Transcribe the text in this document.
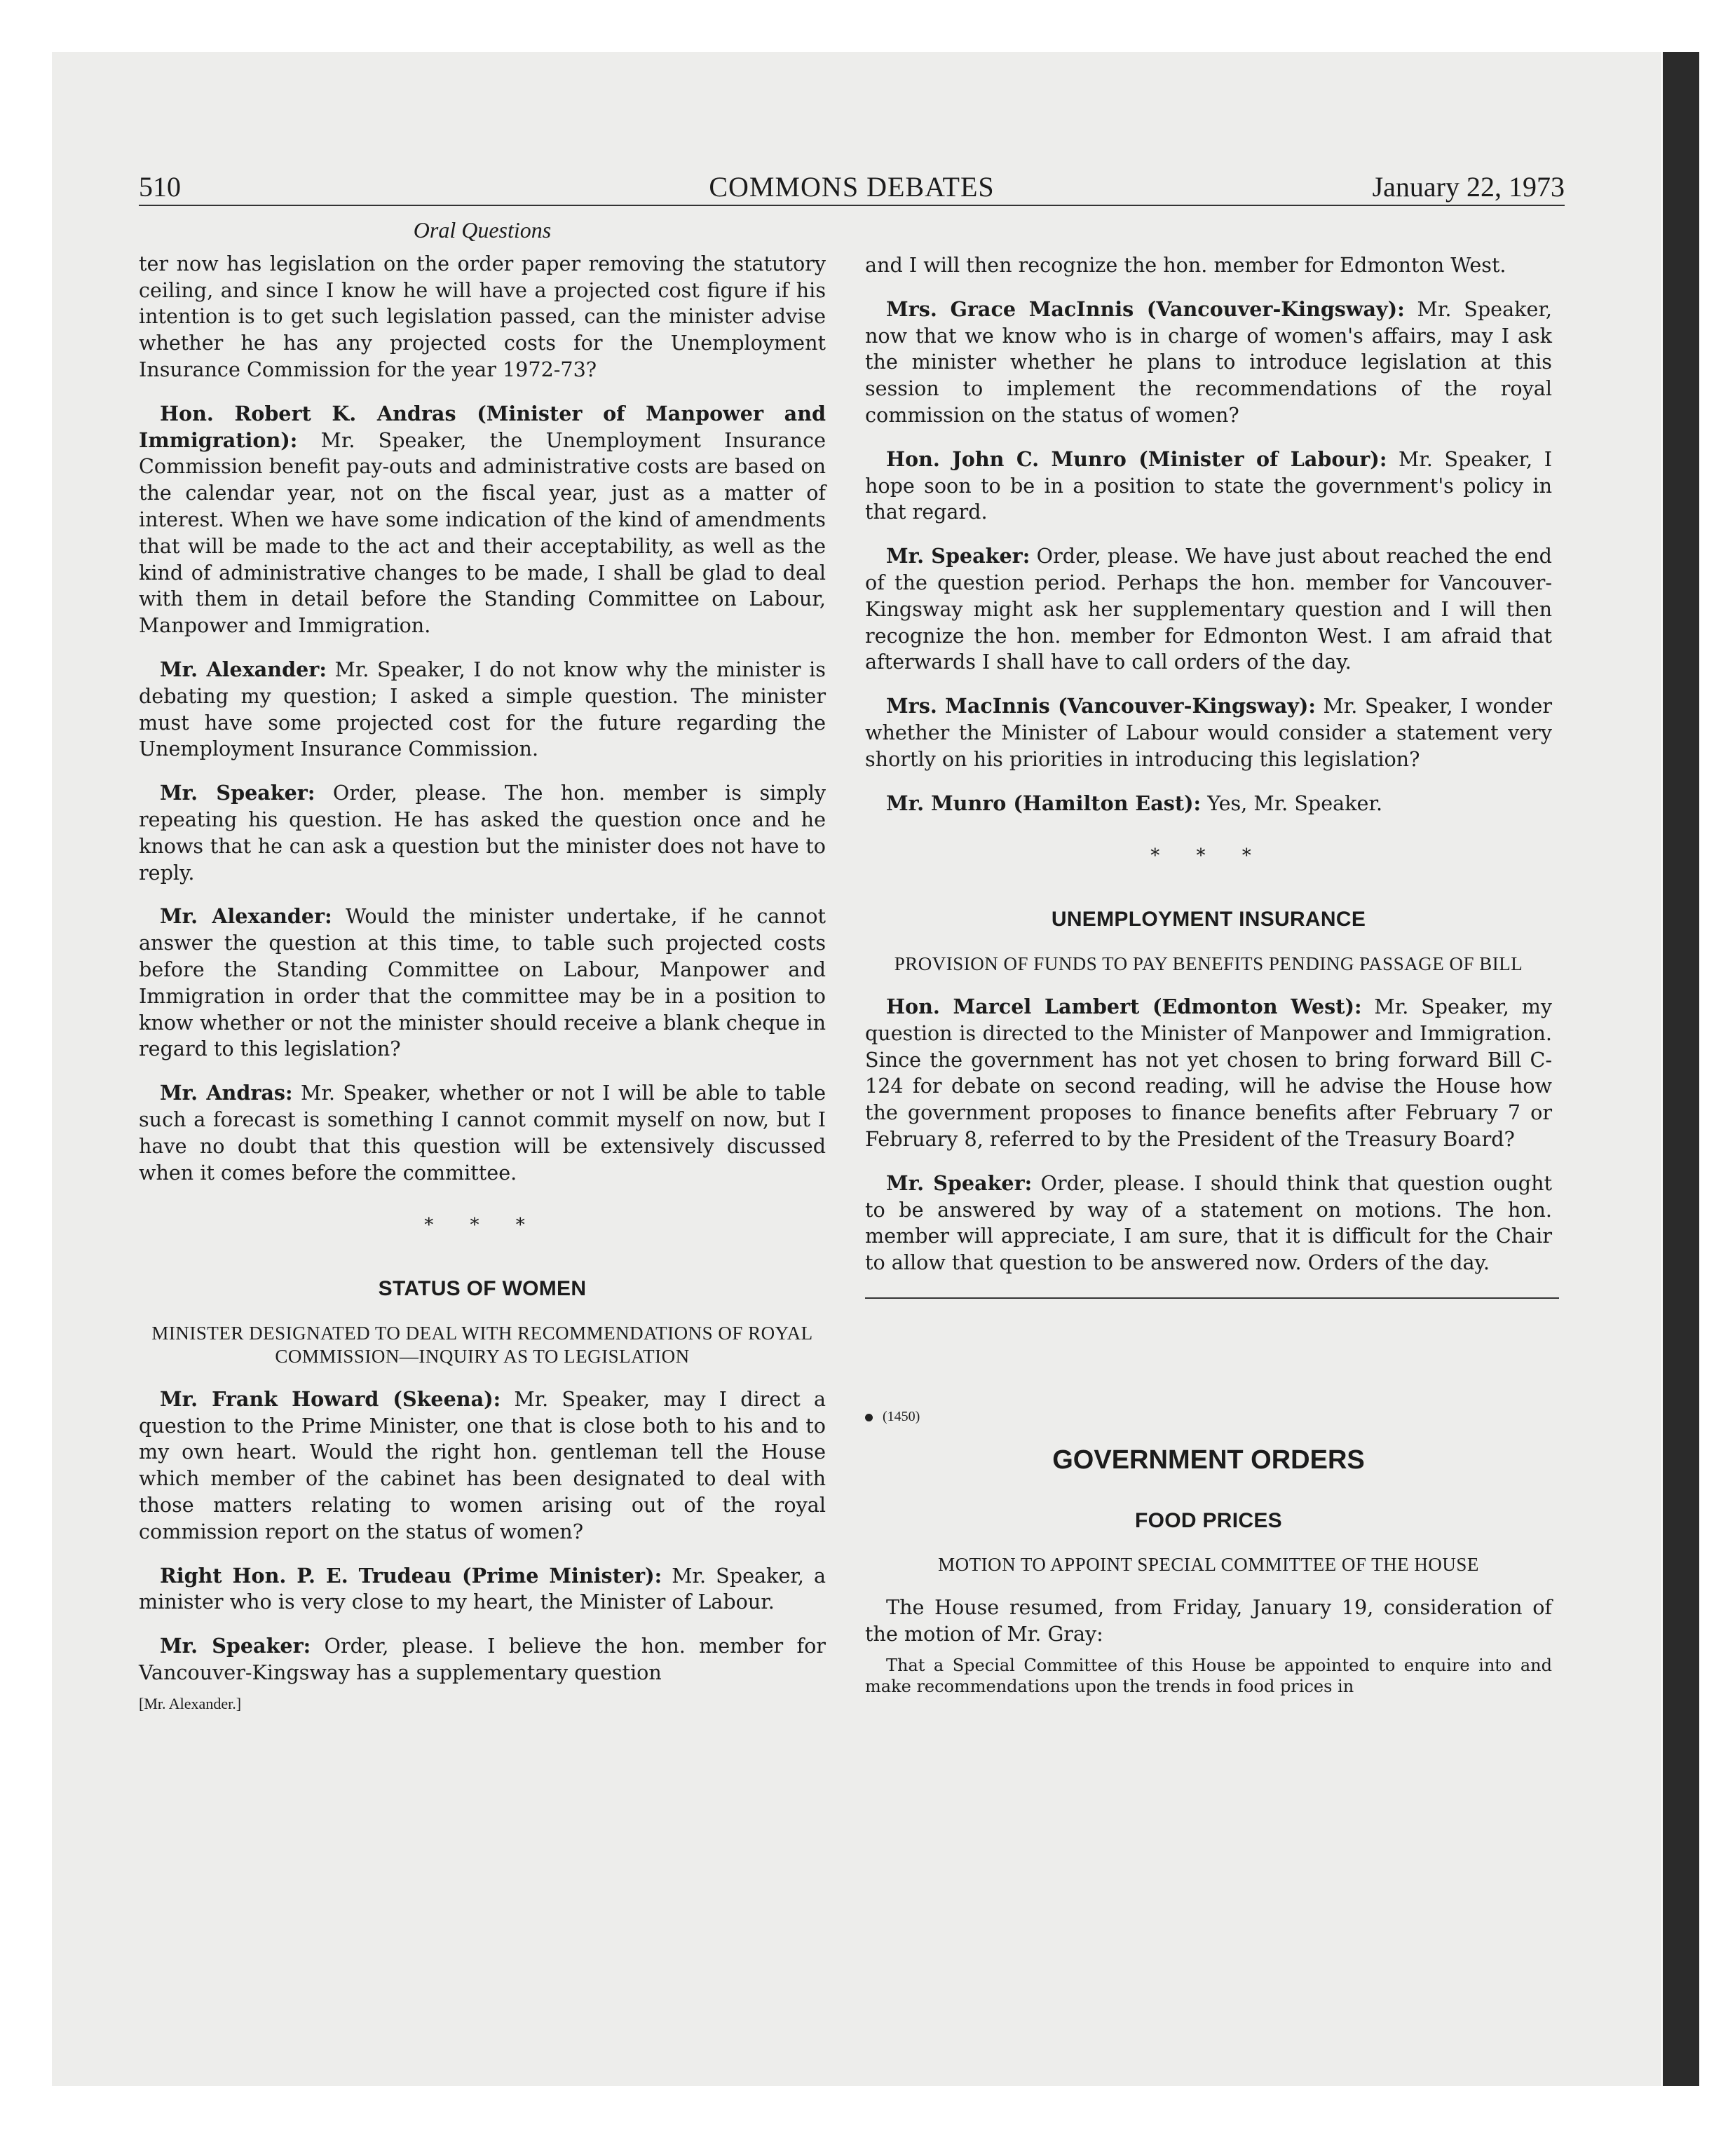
510	COMMONS DEBATES	January 22, 1973
Oral Questions

ter now has legislation on the order paper removing the statutory ceiling, and since I know he will have a projected cost figure if his intention is to get such legislation passed, can the minister advise whether he has any projected costs for the Unemployment Insurance Commission for the year 1972-73?

Hon. Robert K. Andras (Minister of Manpower and Immigration): Mr. Speaker, the Unemployment Insurance Commission benefit pay-outs and administrative costs are based on the calendar year, not on the fiscal year, just as a matter of interest. When we have some indication of the kind of amendments that will be made to the act and their acceptability, as well as the kind of administrative changes to be made, I shall be glad to deal with them in detail before the Standing Committee on Labour, Manpower and Immigration.

Mr. Alexander: Mr. Speaker, I do not know why the minister is debating my question; I asked a simple question. The minister must have some projected cost for the future regarding the Unemployment Insurance Commission.

Mr. Speaker: Order, please. The hon. member is simply repeating his question. He has asked the question once and he knows that he can ask a question but the minister does not have to reply.

Mr. Alexander: Would the minister undertake, if he cannot answer the question at this time, to table such projected costs before the Standing Committee on Labour, Manpower and Immigration in order that the committee may be in a position to know whether or not the minister should receive a blank cheque in regard to this legislation?

Mr. Andras: Mr. Speaker, whether or not I will be able to table such a forecast is something I cannot commit myself on now, but I have no doubt that this question will be extensively discussed when it comes before the committee.

* * *
STATUS OF WOMEN
MINISTER DESIGNATED TO DEAL WITH RECOMMENDATIONS OF ROYAL COMMISSION—INQUIRY AS TO LEGISLATION

Mr. Frank Howard (Skeena): Mr. Speaker, may I direct a question to the Prime Minister, one that is close both to his and to my own heart. Would the right hon. gentleman tell the House which member of the cabinet has been designated to deal with those matters relating to women arising out of the royal commission report on the status of women?

Right Hon. P. E. Trudeau (Prime Minister): Mr. Speaker, a minister who is very close to my heart, the Minister of Labour.

Mr. Speaker: Order, please. I believe the hon. member for Vancouver-Kingsway has a supplementary question

[Mr. Alexander.]

and I will then recognize the hon. member for Edmonton West.

Mrs. Grace MacInnis (Vancouver-Kingsway): Mr. Speaker, now that we know who is in charge of women's affairs, may I ask the minister whether he plans to introduce legislation at this session to implement the recommendations of the royal commission on the status of women?

Hon. John C. Munro (Minister of Labour): Mr. Speaker, I hope soon to be in a position to state the government's policy in that regard.

Mr. Speaker: Order, please. We have just about reached the end of the question period. Perhaps the hon. member for Vancouver-Kingsway might ask her supplementary question and I will then recognize the hon. member for Edmonton West. I am afraid that afterwards I shall have to call orders of the day.

Mrs. MacInnis (Vancouver-Kingsway): Mr. Speaker, I wonder whether the Minister of Labour would consider a statement very shortly on his priorities in introducing this legislation?

Mr. Munro (Hamilton East): Yes, Mr. Speaker.

* * *
UNEMPLOYMENT INSURANCE
PROVISION OF FUNDS TO PAY BENEFITS PENDING PASSAGE OF BILL

Hon. Marcel Lambert (Edmonton West): Mr. Speaker, my question is directed to the Minister of Manpower and Immigration. Since the government has not yet chosen to bring forward Bill C-124 for debate on second reading, will he advise the House how the government proposes to finance benefits after February 7 or February 8, referred to by the President of the Treasury Board?

Mr. Speaker: Order, please. I should think that question ought to be answered by way of a statement on motions. The hon. member will appreciate, I am sure, that it is difficult for the Chair to allow that question to be answered now. Orders of the day.

(1450)
GOVERNMENT ORDERS
FOOD PRICES
MOTION TO APPOINT SPECIAL COMMITTEE OF THE HOUSE

The House resumed, from Friday, January 19, consideration of the motion of Mr. Gray:

That a Special Committee of this House be appointed to enquire into and make recommendations upon the trends in food prices in
